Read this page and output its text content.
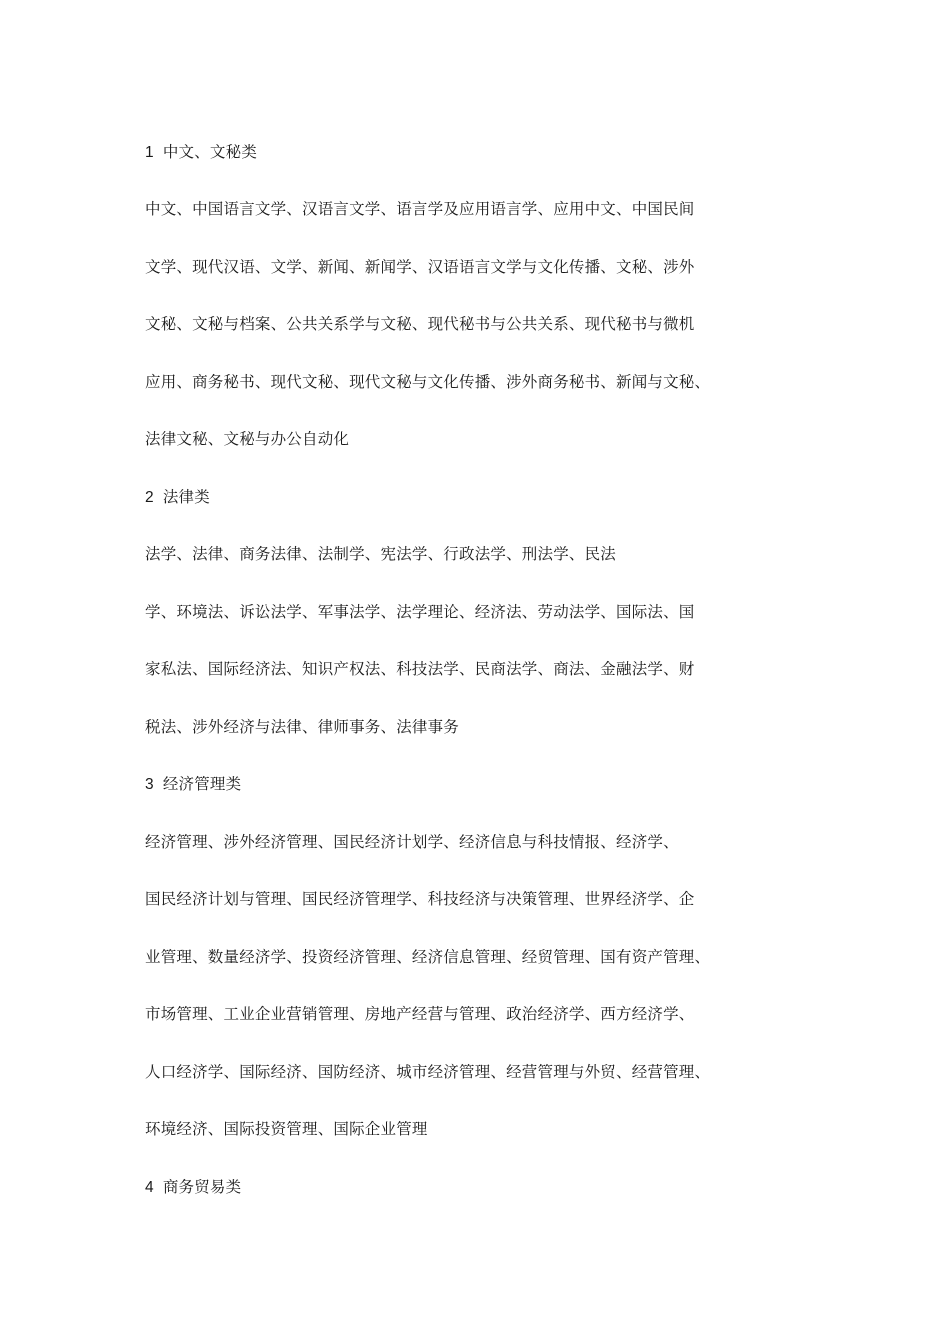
1 中文、文秘类
中文、中国语言文学、汉语言文学、语言学及应用语言学、应用中文、中国民间
文学、现代汉语、文学、新闻、新闻学、汉语语言文学与文化传播、文秘、涉外
文秘、文秘与档案、公共关系学与文秘、现代秘书与公共关系、现代秘书与微机
应用、商务秘书、现代文秘、现代文秘与文化传播、涉外商务秘书、新闻与文秘、
法律文秘、文秘与办公自动化
2 法律类
法学、法律、商务法律、法制学、宪法学、行政法学、刑法学、民法
学、环境法、诉讼法学、军事法学、法学理论、经济法、劳动法学、国际法、国
家私法、国际经济法、知识产权法、科技法学、民商法学、商法、金融法学、财
税法、涉外经济与法律、律师事务、法律事务
3 经济管理类
经济管理、涉外经济管理、国民经济计划学、经济信息与科技情报、经济学、
国民经济计划与管理、国民经济管理学、科技经济与决策管理、世界经济学、企
业管理、数量经济学、投资经济管理、经济信息管理、经贸管理、国有资产管理、
市场管理、工业企业营销管理、房地产经营与管理、政治经济学、西方经济学、
人口经济学、国际经济、国防经济、城市经济管理、经营管理与外贸、经营管理、
环境经济、国际投资管理、国际企业管理
4 商务贸易类
